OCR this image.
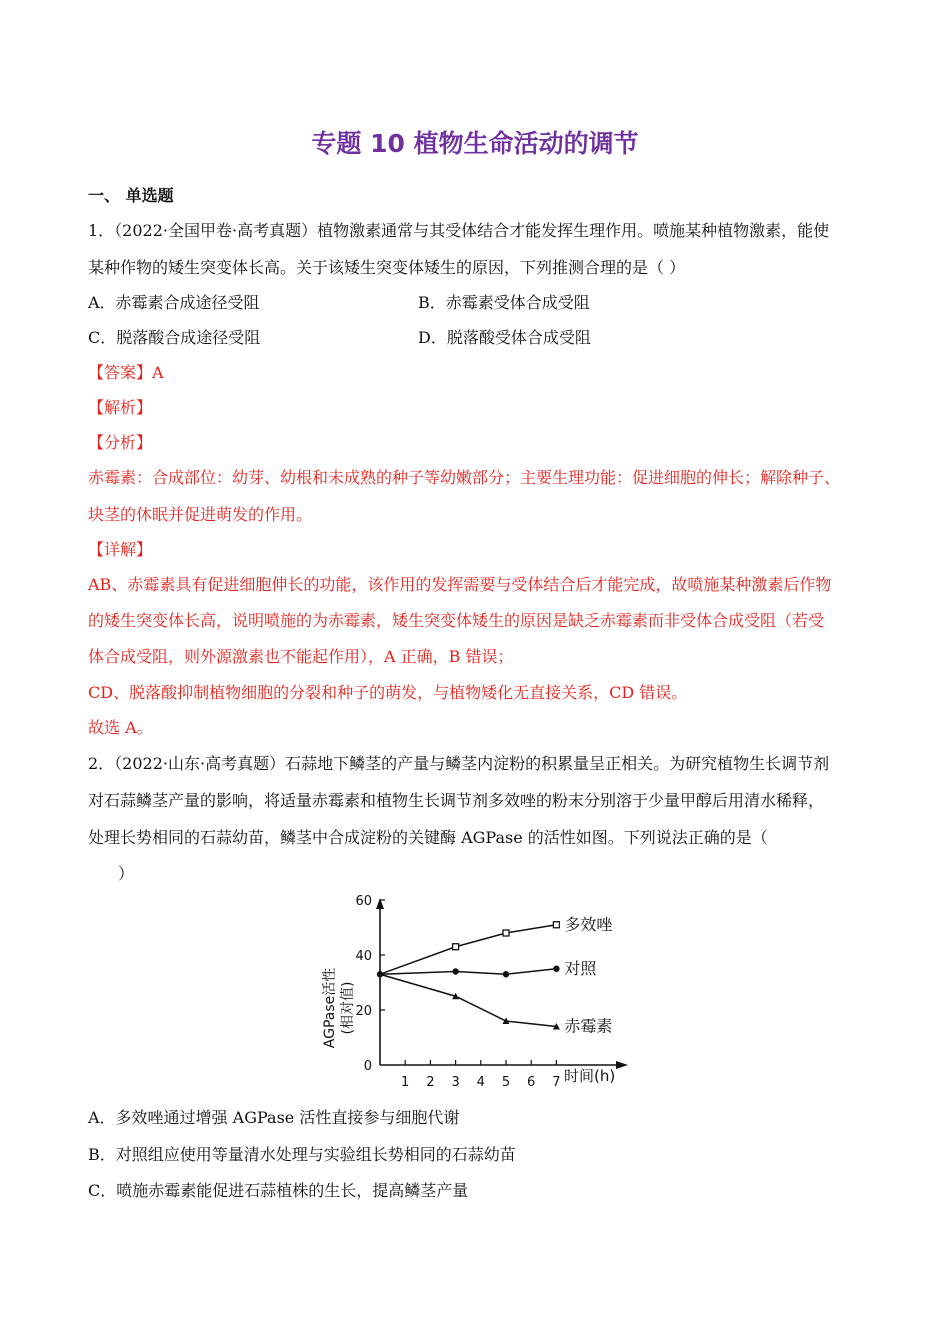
专题 10 植物生命活动的调节
一、 单选题
1．（2022·全国甲卷·高考真题）植物激素通常与其受体结合才能发挥生理作用。喷施某种植物激素，能使
某种作物的矮生突变体长高。关于该矮生突变体矮生的原因，下列推测合理的是（ ）
A．赤霉素合成途径受阻	B．赤霉素受体合成受阻
C．脱落酸合成途径受阻	D．脱落酸受体合成受阻
【答案】A
【解析】
【分析】
赤霉素：合成部位：幼芽、幼根和未成熟的种子等幼嫩部分；主要生理功能：促进细胞的伸长；解除种子、
块茎的休眠并促进萌发的作用。
【详解】
AB、赤霉素具有促进细胞伸长的功能，该作用的发挥需要与受体结合后才能完成，故喷施某种激素后作物
的矮生突变体长高，说明喷施的为赤霉素，矮生突变体矮生的原因是缺乏赤霉素而非受体合成受阻（若受
体合成受阻，则外源激素也不能起作用），A 正确，B 错误；
CD、脱落酸抑制植物细胞的分裂和种子的萌发，与植物矮化无直接关系，CD 错误。
故选 A。
2．（2022·山东·高考真题）石蒜地下鳞茎的产量与鳞茎内淀粉的积累量呈正相关。为研究植物生长调节剂
对石蒜鳞茎产量的影响，将适量赤霉素和植物生长调节剂多效唑的粉末分别溶于少量甲醇后用清水稀释，
处理长势相同的石蒜幼苗，鳞茎中合成淀粉的关键酶 AGPase 的活性如图。下列说法正确的是（
）
0
20
40
60
1 2 3 4 5 6 7
多效唑
对照
赤霉素
AGPase活性 (相对值)
时间(h)
A．多效唑通过增强 AGPase 活性直接参与细胞代谢
B．对照组应使用等量清水处理与实验组长势相同的石蒜幼苗
C．喷施赤霉素能促进石蒜植株的生长，提高鳞茎产量
